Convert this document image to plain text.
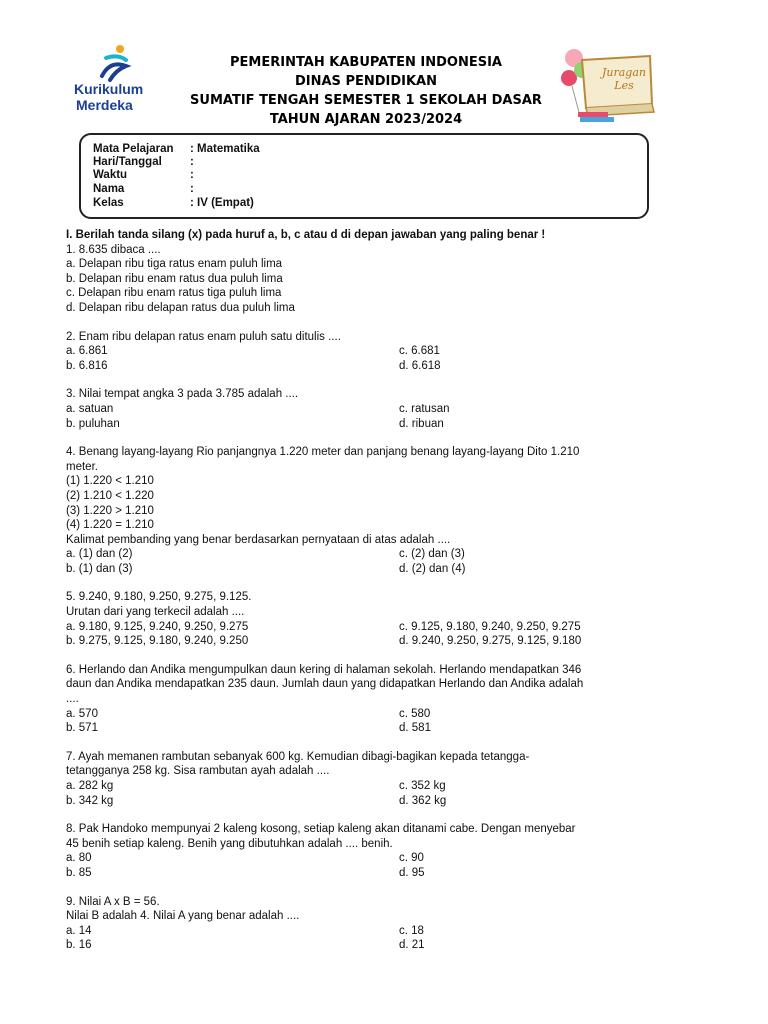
Kurikulum
Merdeka
PEMERINTAH KABUPATEN INDONESIA
DINAS PENDIDIKAN
SUMATIF TENGAH SEMESTER 1 SEKOLAH DASAR
TAHUN AJARAN 2023/2024
Juragan
Les
Mata Pelajaran : Matematika
Hari/Tanggal :
Waktu	:
Nama	:
Kelas	: IV (Empat)

I. Berilah tanda silang (x) pada huruf a, b, c atau d di depan jawaban yang paling benar !

1. 8.635 dibaca ....

a. Delapan ribu tiga ratus enam puluh lima
b. Delapan ribu enam ratus dua puluh lima
c. Delapan ribu enam ratus tiga puluh lima
d. Delapan ribu delapan ratus dua puluh lima

2. Enam ribu delapan ratus enam puluh satu ditulis ....

a. 6.861	c. 6.681
b. 6.816	d. 6.618

3. Nilai tempat angka 3 pada 3.785 adalah ....

a. satuan	c. ratusan
b. puluhan	d. ribuan

4. Benang layang-layang Rio panjangnya 1.220 meter dan panjang benang layang-layang Dito 1.210

meter.

(1) 1.220 < 1.210

(2) 1.210 < 1.220

(3) 1.220 > 1.210

(4) 1.220 = 1.210

Kalimat pembanding yang benar berdasarkan pernyataan di atas adalah ....

a. (1) dan (2)	c. (2) dan (3)
b. (1) dan (3)	d. (2) dan (4)

5. 9.240, 9.180, 9.250, 9.275, 9.125.

Urutan dari yang terkecil adalah ....

a. 9.180, 9.125, 9.240, 9.250, 9.275	c. 9.125, 9.180, 9.240, 9.250, 9.275
b. 9.275, 9.125, 9.180, 9.240, 9.250	d. 9.240, 9.250, 9.275, 9.125, 9.180

6. Herlando dan Andika mengumpulkan daun kering di halaman sekolah. Herlando mendapatkan 346

daun dan Andika mendapatkan 235 daun. Jumlah daun yang didapatkan Herlando dan Andika adalah

....

a. 570	c. 580
b. 571	d. 581

7. Ayah memanen rambutan sebanyak 600 kg. Kemudian dibagi-bagikan kepada tetangga-

tetangganya 258 kg. Sisa rambutan ayah adalah ....

a. 282 kg	c. 352 kg
b. 342 kg	d. 362 kg

8. Pak Handoko mempunyai 2 kaleng kosong, setiap kaleng akan ditanami cabe. Dengan menyebar

45 benih setiap kaleng. Benih yang dibutuhkan adalah .... benih.

a. 80	c. 90
b. 85	d. 95

9. Nilai A x B = 56.

Nilai B adalah 4. Nilai A yang benar adalah ....

a. 14	c. 18
b. 16	d. 21
